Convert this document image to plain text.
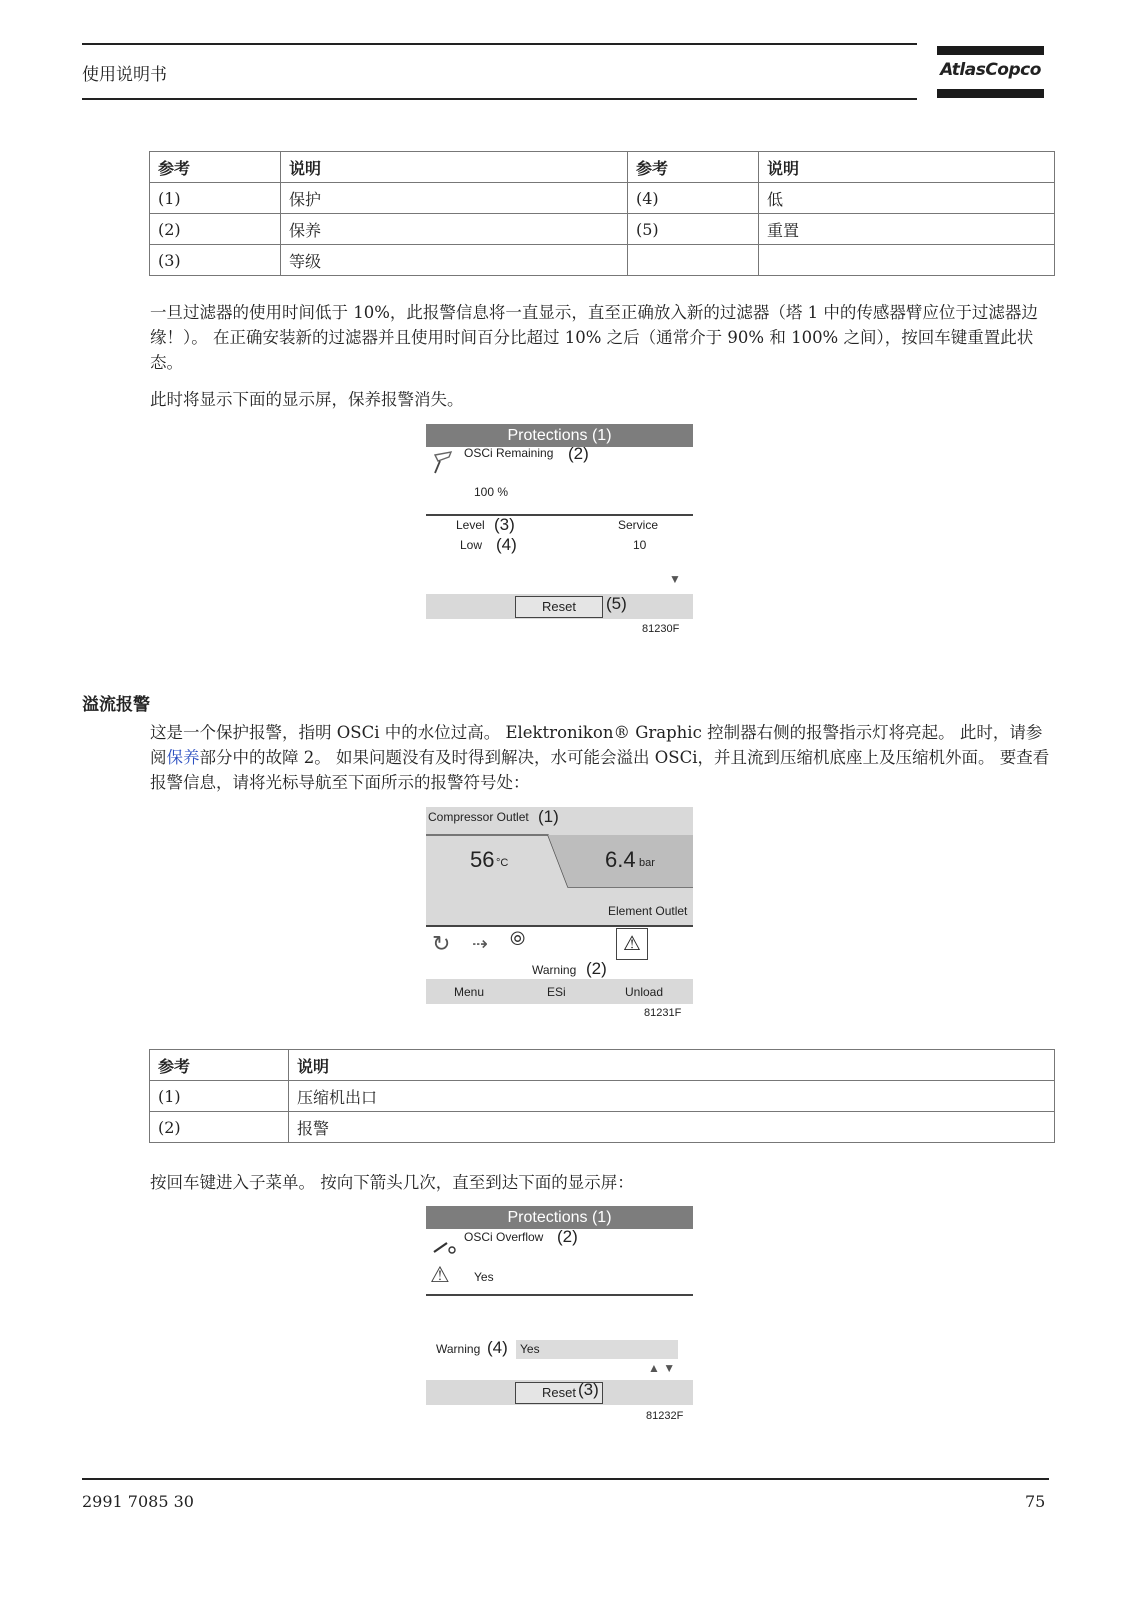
使用说明书	AtlasCopco
参考	说明	参考	说明
(1)	保护	(4)	低
(2)	保养	(5)	重置
(3)	等级		
一旦过滤器的使用时间低于 10%，此报警信息将一直显示，直至正确放入新的过滤器（塔 1 中的传感器臂应位于过滤器边缘！）。 在正确安装新的过滤器并且使用时间百分比超过 10% 之后（通常介于 90% 和 100% 之间），按回车键重置此状态。
此时将显示下面的显示屏，保养报警消失。
Protections (1)
OSCi Remaining (2)
100 %
Level (3)	Service
Low (4)	10
▼
Reset	(5)
81230F
溢流报警
这是一个保护报警，指明 OSCi 中的水位过高。 Elektronikon® Graphic 控制器右侧的报警指示灯将亮起。 此时，请参阅保养部分中的故障 2。 如果问题没有及时得到解决，水可能会溢出 OSCi，并且流到压缩机底座上及压缩机外面。 要查看报警信息，请将光标导航至下面所示的报警符号处：
Compressor Outlet (1)
56 °C	6.4 bar
Element Outlet
↻ ⇢ ⦾	⚠
Warning (2)
Menu	ESi	Unload
81231F
参考	说明
(1)	压缩机出口
(2)	报警
按回车键进入子菜单。 按向下箭头几次，直至到达下面的显示屏：
Protections (1)
OSCi Overflow (2)
⚠ Yes
Warning (4) Yes
▲ ▼
Reset (3)
81232F
2991 7085 30	75
